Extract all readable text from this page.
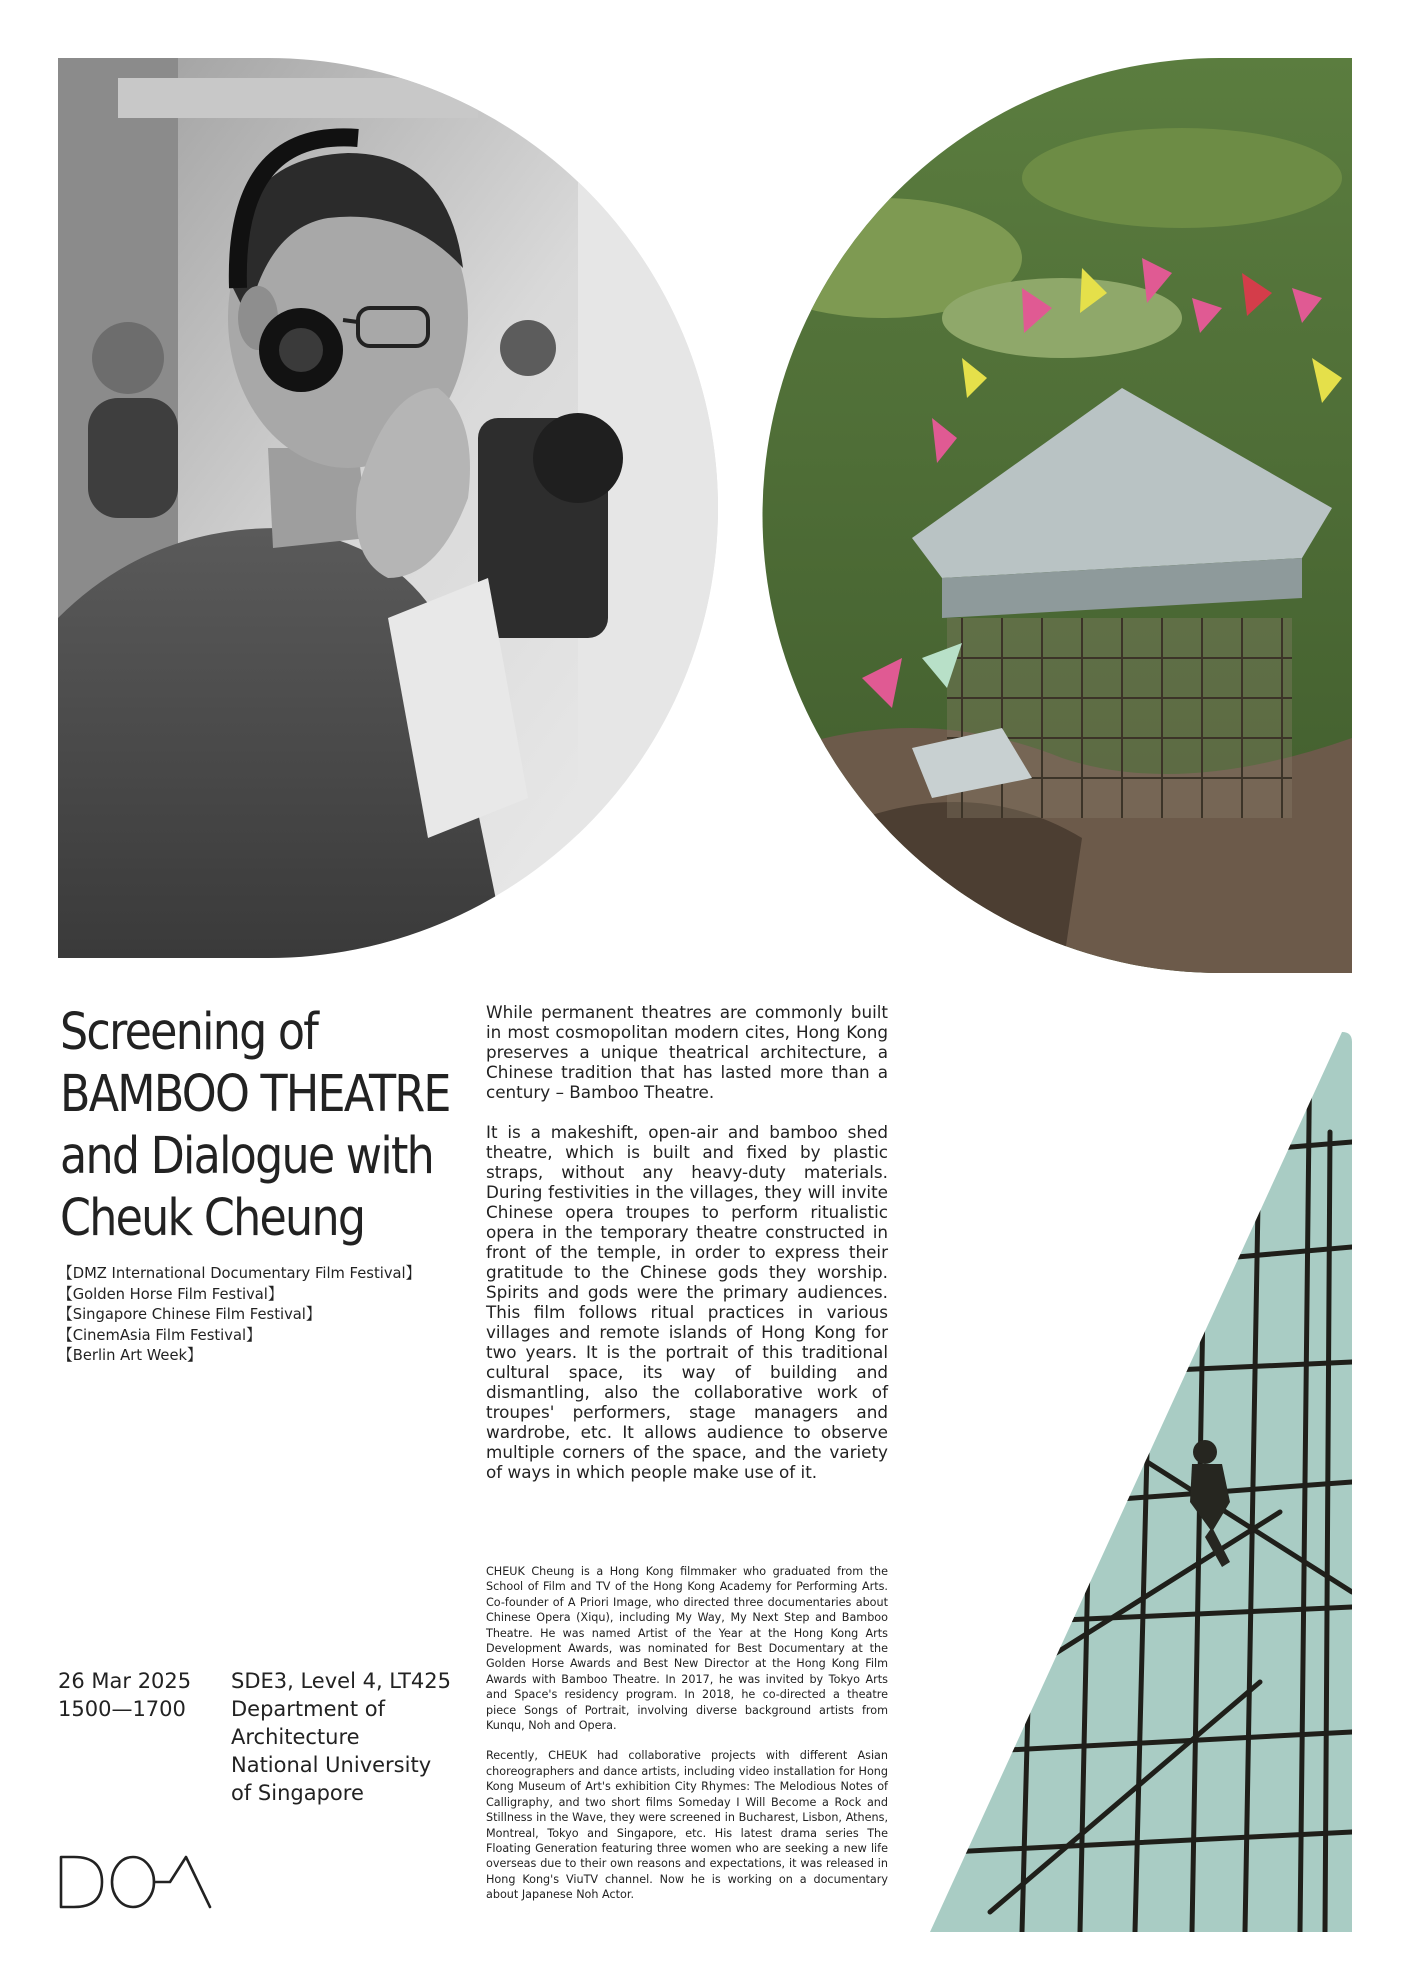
Screening of
BAMBOO THEATRE
and Dialogue with
Cheuk Cheung
【DMZ International Documentary Film Festival】
【Golden Horse Film Festival】
【Singapore Chinese Film Festival】
【CinemAsia Film Festival】
【Berlin Art Week】

While permanent theatres are commonly built in most cosmopolitan modern cites, Hong Kong preserves a unique theatrical architecture, a Chinese tradition that has lasted more than a century – Bamboo Theatre.

It is a makeshift, open-air and bamboo shed theatre, which is built and fixed by plastic straps, without any heavy-duty materials. During festivities in the villages, they will invite Chinese opera troupes to perform ritualistic opera in the temporary theatre constructed in front of the temple, in order to express their gratitude to the Chinese gods they worship. Spirits and gods were the primary audiences. This film follows ritual practices in various villages and remote islands of Hong Kong for two years. It is the portrait of this traditional cultural space, its way of building and dismantling, also the collaborative work of troupes' performers, stage managers and wardrobe, etc. It allows audience to observe multiple corners of the space, and the variety of ways in which people make use of it.

CHEUK Cheung is a Hong Kong filmmaker who graduated from the School of Film and TV of the Hong Kong Academy for Performing Arts. Co-founder of A Priori Image, who directed three documentaries about Chinese Opera (Xiqu), including My Way, My Next Step and Bamboo Theatre. He was named Artist of the Year at the Hong Kong Arts Development Awards, was nominated for Best Documentary at the Golden Horse Awards and Best New Director at the Hong Kong Film Awards with Bamboo Theatre. In 2017, he was invited by Tokyo Arts and Space's residency program. In 2018, he co-directed a theatre piece Songs of Portrait, involving diverse background artists from Kunqu, Noh and Opera.

Recently, CHEUK had collaborative projects with different Asian choreographers and dance artists, including video installation for Hong Kong Museum of Art's exhibition City Rhymes: The Melodious Notes of Calligraphy, and two short films Someday I Will Become a Rock and Stillness in the Wave, they were screened in Bucharest, Lisbon, Athens, Montreal, Tokyo and Singapore, etc. His latest drama series The Floating Generation featuring three women who are seeking a new life overseas due to their own reasons and expectations, it was released in Hong Kong's ViuTV channel. Now he is working on a documentary about Japanese Noh Actor.

26 Mar 2025
1500—1700
SDE3, Level 4, LT425
Department of
Architecture
National University
of Singapore
